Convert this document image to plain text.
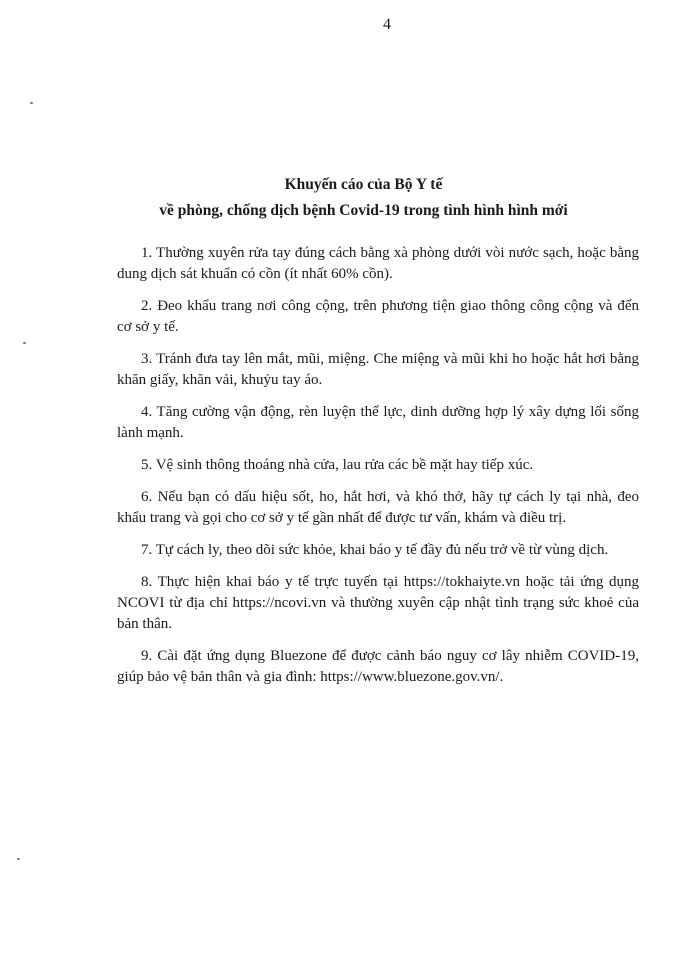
4
Khuyến cáo của Bộ Y tế
về phòng, chống dịch bệnh Covid-19 trong tình hình hình mới

1. Thường xuyên rửa tay đúng cách bằng xà phòng dưới vòi nước sạch, hoặc bằng dung dịch sát khuẩn có cồn (ít nhất 60% cồn).

2. Đeo khẩu trang nơi công cộng, trên phương tiện giao thông công cộng và đến cơ sở y tế.

3. Tránh đưa tay lên mắt, mũi, miệng. Che miệng và mũi khi ho hoặc hắt hơi bằng khăn giấy, khăn vải, khuỷu tay áo.

4. Tăng cường vận động, rèn luyện thể lực, dinh dưỡng hợp lý xây dựng lối sống lành mạnh.

5. Vệ sinh thông thoáng nhà cửa, lau rửa các bề mặt hay tiếp xúc.

6. Nếu bạn có dấu hiệu sốt, ho, hắt hơi, và khó thở, hãy tự cách ly tại nhà, đeo khẩu trang và gọi cho cơ sở y tế gần nhất để được tư vấn, khám và điều trị.

7. Tự cách ly, theo dõi sức khỏe, khai báo y tế đầy đủ nếu trở về từ vùng dịch.

8. Thực hiện khai báo y tế trực tuyến tại https://tokhaiyte.vn hoặc tải ứng dụng NCOVI từ địa chỉ https://ncovi.vn và thường xuyên cập nhật tình trạng sức khoẻ của bản thân.

9. Cài đặt ứng dụng Bluezone để được cảnh báo nguy cơ lây nhiễm COVID-19, giúp bảo vệ bản thân và gia đình: https://www.bluezone.gov.vn/.
